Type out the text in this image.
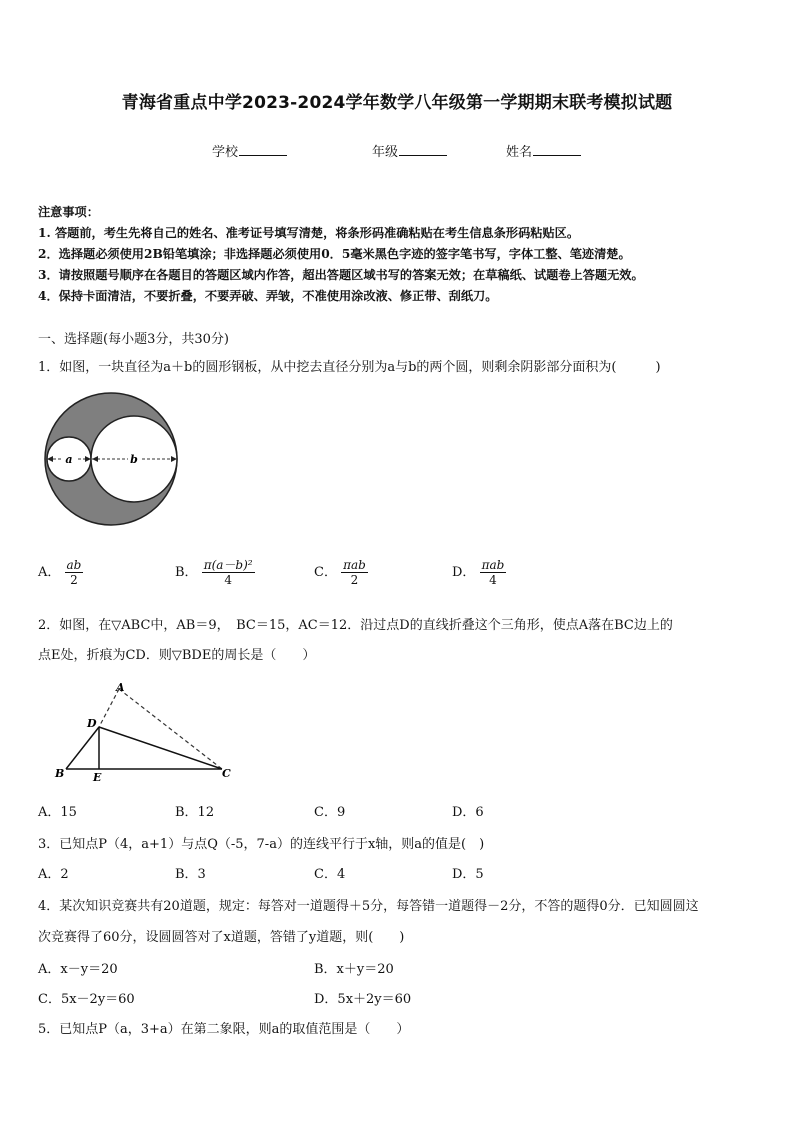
青海省重点中学2023-2024学年数学八年级第一学期期末联考模拟试题
学校	年级	姓名
注意事项：
1. 答题前，考生先将自己的姓名、准考证号填写清楚，将条形码准确粘贴在考生信息条形码粘贴区。
2．选择题必须使用2B铅笔填涂；非选择题必须使用0．5毫米黑色字迹的签字笔书写，字体工整、笔迹清楚。
3．请按照题号顺序在各题目的答题区域内作答，超出答题区域书写的答案无效；在草稿纸、试题卷上答题无效。
4．保持卡面清洁，不要折叠，不要弄破、弄皱，不准使用涂改液、修正带、刮纸刀。
一、选择题(每小题3分，共30分)
1．如图，一块直径为a＋b的圆形钢板，从中挖去直径分别为a与b的两个圆，则剩余阴影部分面积为(　　　)
a	b
A． $\frac{ab}{2}$	B． $\frac{\text{π(a－b)²}}{4}$	C． $\frac{\text{πab}}{2}$	D． $\frac{\text{πab}}{4}$
2．如图，在▽ABC中，AB＝9，　BC＝15，AC＝12．沿过点D的直线折叠这个三角形，使点A落在BC边上的
点E处，折痕为CD．则▽BDE的周长是（　　）
A
B	C
D
E
A．15	B．12	C．9	D．6
3．已知点P（4，a+1）与点Q（-5，7-a）的连线平行于x轴，则a的值是(　)
A．2	B．3	C．4	D．5
4．某次知识竞赛共有20道题，规定：每答对一道题得＋5分，每答错一道题得－2分，不答的题得0分．已知圆圆这
次竞赛得了60分，设圆圆答对了x道题，答错了y道题，则(　　)
A．x－y＝20	B．x＋y＝20
C．5x－2y＝60	D．5x＋2y＝60
5．已知点P（a，3+a）在第二象限，则a的取值范围是（　　）
